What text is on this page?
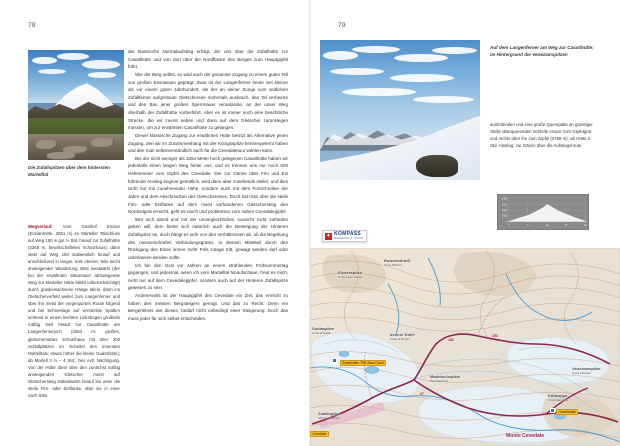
78
Die Zufallspitzen über dem hintersten Martelltal
Wegverlauf: Vom Gasthof Enzian (Enzianhütte, 2051 m) im Marteller Talschluss auf Weg 150 in gut ½ Std. hinauf zur Zufallhütte (2265 m, bewirtschaftetes Schutzhaus), dann stets auf Weg 150 südwestlich hinauf und anschließend in langer, teils ebener, teils leicht ansteigender Wanderung stets westwärts (der bei der erwähnten Staumauer abzweigende Weg zur Marteller Hütte bleibt unberücksichtigt) durch grasbewachsene Hänge talein, dann ins Gletschervorfeld weiter zum Langenferner und über ihn meist der vorgespurten Route folgend und bei Schneelage auf versteckte Spalten achtend in einem leichten Linksbogen großteils mäßig steil hinauf zur Casatihütte am Langenfernerjoch (3254 m; großes, gletschernahes Schutzhaus mit über 200 Schlafplätzen im Scheitel des innersten Martelltals; etwas höher die kleine Guasthütte); ab Martell 3 ½ – 4 Std.; hier evtl. Nächtigung. Von der Hütte dann über den zunächst mäßig ansteigenden Gletscher meist auf Gletschersteig südostwärts hinauf bis unter die steile Firn- oder Eisflanke, über sie in einer nach links

der klassische Normalaufstieg erfolgt, der uns über die Zufallhütte zur Casatihütte und von dort über die Nordflanke des Berges zum Hauptgipfel führt.

Wie der Berg selbst, so wird auch der genannte Zugang zu einem guten Teil von großen Eismassen geprägt. Zwar ist der Langenferner heute viel kleiner als vor einem guten Jahrhundert, als der an seiner Zunge vom seitlichen Zufallferner aufgestaute Gletschersee mehrmals ausbrach, das Tal verheerte und den Bau jener großen Sperrmauer veranlasste, an der unser Weg oberhalb der Zufallhütte vorbeiführt. Aber es ist immer noch eine beachtliche Strecke, die wir zuerst neben und dann auf dem Gletscher zurücklegen müssen, um zur erwähnten Casatihütte zu gelangen.

Dieser klassische Zugang zur erwähnten Hütte besitzt als Alternative jenen Zugang, den wir im Zusammenhang mit der Königsspitze kennengelernt haben und den man selbstverständlich auch für die Cevedaletour wählen kann.

Bei der nicht weniger als 3254 Meter hoch gelegenen Casatihütte haben wir jedenfalls einen langen Weg hinter uns, und es trennen uns nur noch 500 Höhenmeter vom Gipfel des Cevedale. Der zur Gänze über Firn und Eis führende Anstieg beginnt gemütlich, wird dann aber zusehends steiler, und dies nicht nur mit zunehmender Höhe, sondern auch mit dem Fortschreiten der Jahre und dem Abschmelzen des Gletschereises. Doch hat man über die steile Firn- oder Eisflanke auf dem meist vorhandenen Gletschersteig den Nordostgrat erreicht, geht es rasch und problemlos zum nahen Cevedalegipfel.

Wer sich damit und mit der unvergleichlichen Aussicht nicht zufrieden geben will, dem bietet sich natürlich auch die Besteigung der Hinteren Zufallspitze an, doch hängt es sehr von den Verhältnissen ab, ob die Begehung des messerscharfen Verbindungsgrates, in dessen Mittelteil durch den Rückgang des Eises immer mehr Fels zutage tritt, gewagt werden darf oder unterlassen werden sollte.

Ich bin den Grat vor Jahren an einem strahlenden Frühsommertag gegangen, und jedesmal, wenn ich vom Martelltal hinaufschaue, freut es mich, nicht nur auf dem Cevedalegipfel, sondern auch auf der Hinteren Zufallspitze gewesen zu sein.

Andererseits ist der Hauptgipfel des Cevedale ein Ziel, das erreicht zu haben den meisten Bergsteigern genügt. Und das zu Recht. Denn ein Bergerlebnis wie dieses, bedarf nicht unbedingt einer Steigerung. Doch das muss jeder für sich selbst entscheiden.

79
Auf dem Langenferner am Weg zur Casatihütte; im Hintergrund die Venezianspitzen
aushölenden und eine große Querspalte an günstiger Stelle überquerenden Schleife empor zum Gipfelgrat und rechts über ihn zum Gipfel (3769 m); ab Hütte 2 Std. Abstieg: zur Gänze über die Aufstiegsroute.
4000
3000
2000
1000
0
0	5	10	15	20
Butzenhörndl
Cima Plazzin
Eisseespitze
P. dei Lago Gelato
Innerer Kofel
Cima di Dentro
Soldaspitze
Cima di Solda
Zufallspitze
Monte Cevedale
Venezianspitze
Cima Venezia
Köllkuppe
Cima Marmotta
Madritschspitze
Pta Madriccio
Monte Cevedale
Zufallhütte / Rif. Nino Corsi
Casatihütte
Cevedale
150
150
37
✦ KOMPASS
Wanderkarte 1 : 50.000
